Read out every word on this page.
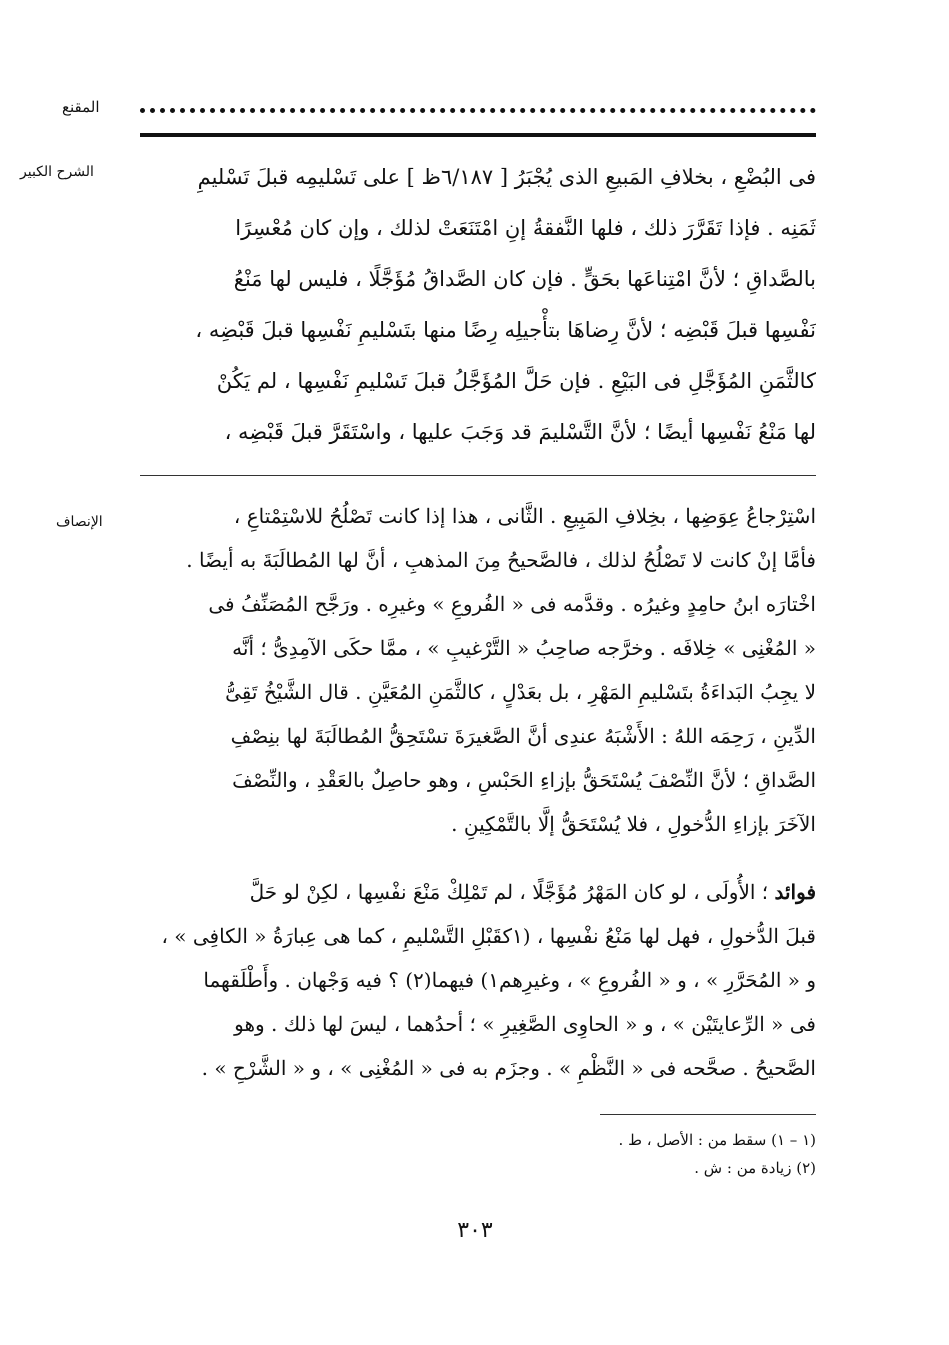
المقنع
الشرح الكبير	فى البُضْعِ ، بخلافِ المَبيعِ الذى يُجْبَرُ [ ٦/١٨٧ظ ] على تَسْليمِه قبلَ تَسْليمِ

ثَمَنِه . فإذا تَقَرَّرَ ذلك ، فلها النَّفقةُ إنِ امْتَنَعَتْ لذلك ، وإن كان مُعْسِرًا

بالصَّداقِ ؛ لأنَّ امْتِناعَها بحَقٍّ . فإن كان الصَّداقُ مُؤَجَّلًا ، فليس لها مَنْعُ

نَفْسِها قبلَ قَبْضِه ؛ لأنَّ رِضاهَا بتأْجيلِه رِضًا منها بتَسْليمِ نَفْسِها قبلَ قَبْضِه ،

كالثَّمَنِ المُؤَجَّلِ فى البَيْعِ . فإن حَلَّ المُؤَجَّلُ قبلَ تَسْليمِ نَفْسِها ، لم يَكُنْ

لها مَنْعُ نَفْسِها أيضًا ؛ لأنَّ التَّسْليمَ قد وَجَبَ عليها ، واسْتَقَرَّ قبلَ قَبْضِه ،

الإنصاف	اسْتِرْجاعُ عِوَضِها ، بخِلافِ المَبِيعِ . الثَّانى ، هذا إذا كانت تَصْلُحُ للاسْتِمْتاعِ ،

فأمَّا إنْ كانت لا تَصْلُحُ لذلك ، فالصَّحيحُ مِنَ المذهبِ ، أنَّ لها المُطالَبَةَ به أيضًا .

اخْتارَه ابنُ حامِدٍ وغيرُه . وقدَّمه فى « الفُروعِ » وغيرِه . ورَجَّح المُصَنِّفُ فى

« المُغْنِى » خِلافَه . وخرَّجه صاحِبُ « التَّرْغيبِ » ، ممَّا حكَى الآمِدِىُّ ؛ أنَّه

لا يجِبُ البَداءَةُ بتَسْليمِ المَهْرِ ، بل بعَدْلٍ ، كالثَّمَنِ المُعَيَّنِ . قال الشَّيْخُ تَقِىُّ

الدِّينِ ، رَحِمَه اللهُ : الأَشْبَهُ عندِى أنَّ الصَّغيرَةَ تسْتَحِقُّ المُطالَبَةَ لها بنِصْفِ

الصَّداقِ ؛ لأنَّ النِّصْفَ يُسْتَحَقُّ بإزاءِ الحَبْسِ ، وهو حاصِلٌ بالعَقْدِ ، والنِّصْفَ

الآخَرَ بإزاءِ الدُّخولِ ، فلا يُسْتَحَقُّ إلَّا بالتَّمْكِينِ .

فوائد ؛ الأُولَى ، لو كان المَهْرُ مُؤَجَّلًا ، لم تَمْلِكْ مَنْعَ نفْسِها ، لكِنْ لو حَلَّ

قبلَ الدُّخولِ ، فهل لها مَنْعُ نفْسِها ، (١كقَبْلِ التَّسْليمِ ، كما هى عِبارَةُ « الكافِى » ،

و « المُحَرَّرِ » ، و « الفُروعِ » ، وغيرِهم١) فيهما(٢) ؟ فيه وَجْهان . وأَطْلَقهما

فى « الرِّعايتَيْن » ، و « الحاوِى الصَّغِيرِ » ؛ أحدُهما ، ليسَ لها ذلك . وهو

الصَّحيحُ . صحَّحه فى « النَّظْمِ » . وجزَم به فى « المُغْنِى » ، و « الشَّرْحِ » .

(١ – ١) سقط من : الأصل ، ط .

(٢) زيادة من : ش .

٣٠٣
